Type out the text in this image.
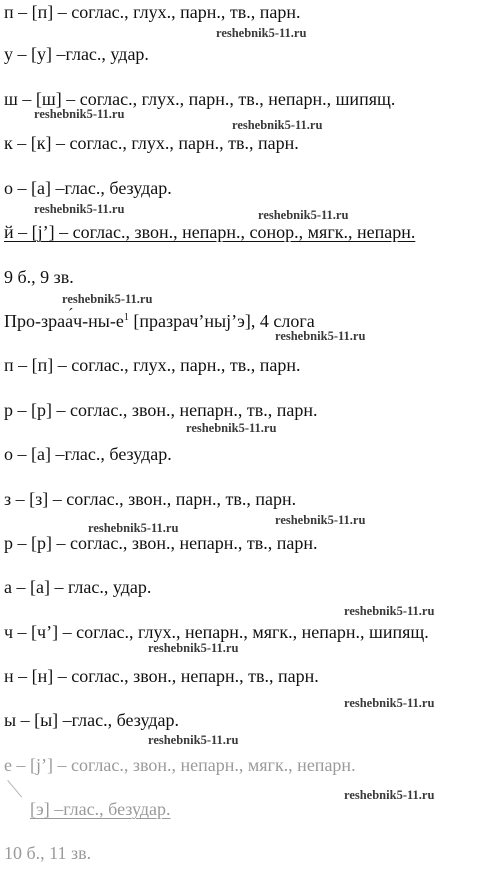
п – [п] – соглас., глух., парн., тв., парн.
у – [у] –глас., удар.
ш – [ш] – соглас., глух., парн., тв., непарн., шипящ.
к – [к] – соглас., глух., парн., тв., парн.
о – [а] –глас., безудар.
й – [j’] – соглас., звон., непарн., сонор., мягк., непарн.
9 б., 9 зв.
Про-зраа $´ч-ны-е^1$ [празрач’ныj’э], 4 слога
п – [п] – соглас., глух., парн., тв., парн.
р – [р] – соглас., звон., непарн., тв., парн.
о – [а] –глас., безудар.
з – [з] – соглас., звон., парн., тв., парн.
р – [р] – соглас., звон., непарн., тв., парн.
а – [а] – глас., удар.
ч – [ч’] – соглас., глух., непарн., мягк., непарн., шипящ.
н – [н] – соглас., звон., непарн., тв., парн.
ы – [ы] –глас., безудар.
е – [j’] – соглас., звон., непарн., мягк., непарн.
[э] –глас., безудар.
10 б., 11 зв.
reshebnik5-11.ru
reshebnik5-11.ru
reshebnik5-11.ru
reshebnik5-11.ru	reshebnik5-11.ru
reshebnik5-11.ru
reshebnik5-11.ru
reshebnik5-11.ru
reshebnik5-11.ru
reshebnik5-11.ru
reshebnik5-11.ru
reshebnik5-11.ru
reshebnik5-11.ru
reshebnik5-11.ru
reshebnik5-11.ru
